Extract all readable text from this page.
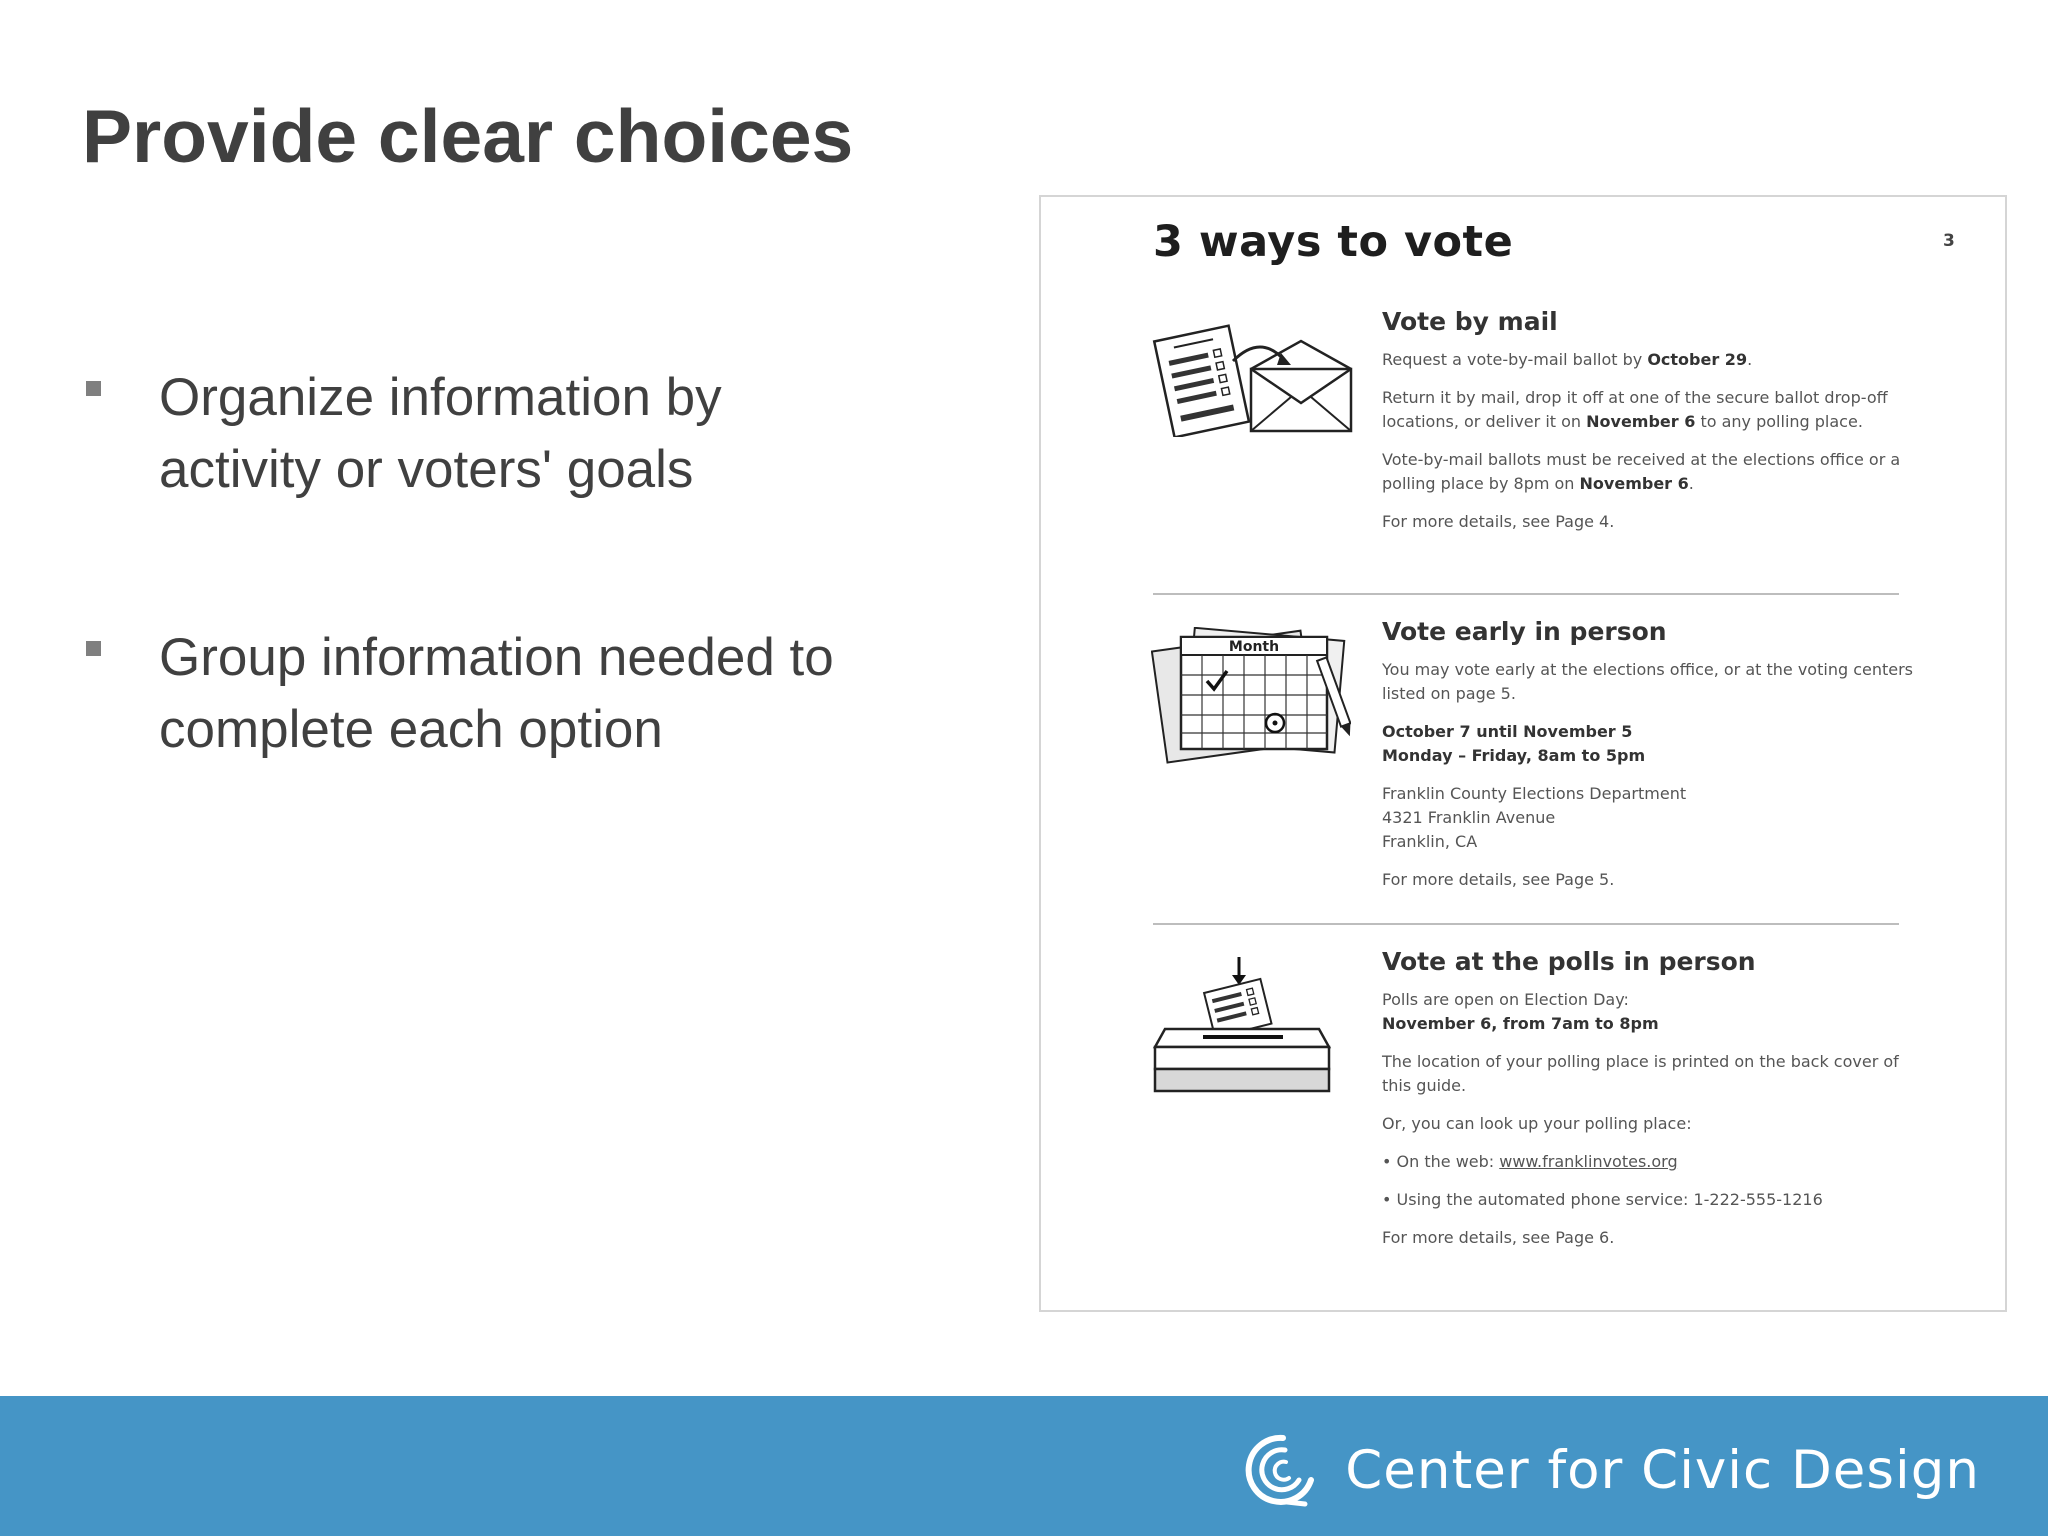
Provide clear choices
Organize information by
activity or voters' goals
Group information needed to
complete each option
3 ways to vote	3

Vote by mail

Request a vote-by-mail ballot by October 29.

Return it by mail, drop it off at one of the secure ballot drop-off locations, or deliver it on November 6 to any polling place.

Vote-by-mail ballots must be received at the elections office or a polling place by 8pm on November 6.

For more details, see Page 4.

Month

Vote early in person

You may vote early at the elections office, or at the voting centers listed on page 5.

October 7 until November 5
Monday – Friday, 8am to 5pm

Franklin County Elections Department
4321 Franklin Avenue
Franklin, CA

For more details, see Page 5.

Vote at the polls in person

Polls are open on Election Day:
November 6, from 7am to 8pm

The location of your polling place is printed on the back cover of this guide.

Or, you can look up your polling place:

• On the web: www.franklinvotes.org

• Using the automated phone service: 1-222-555-1216

For more details, see Page 6.

Center for Civic Design
